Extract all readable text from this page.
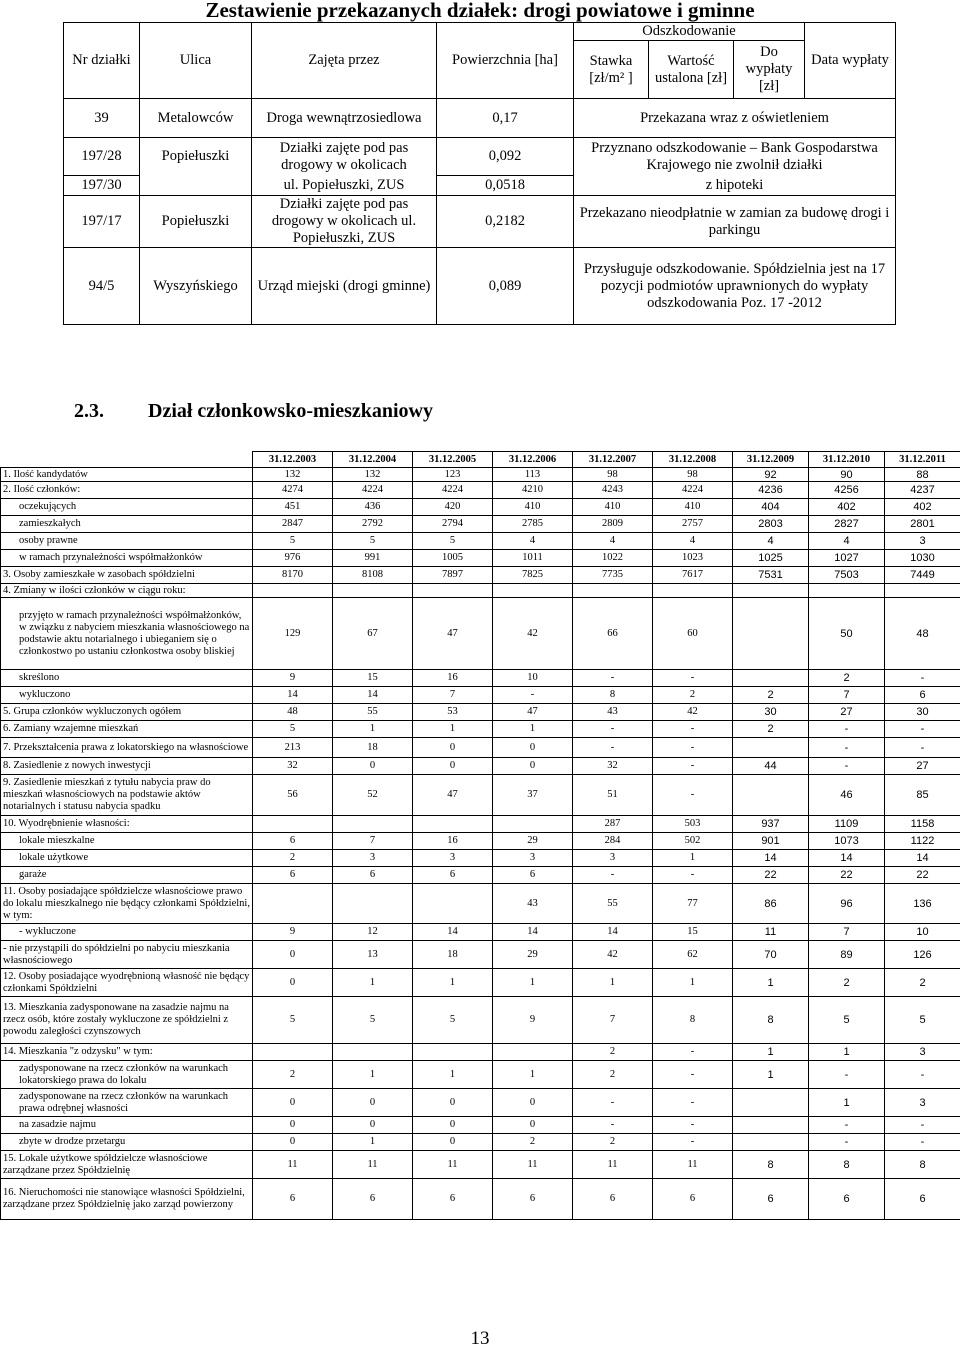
Zestawienie przekazanych działek: drogi powiatowe i gminne
Nr działki	Ulica	Zajęta przez	Powierzchnia [ha]	Odszkodowanie			Data wypłaty
				Stawka [zł/m² ]	Wartość ustalona [zł]	Do wypłaty [zł]	
39	Metalowców	Droga wewnątrzosiedlowa	0,17	Przekazana wraz z oświetleniem			
197/28	Popiełuszki	Działki zajęte pod pas drogowy w okolicach	0,092	Przyznano odszkodowanie – Bank Gospodarstwa Krajowego nie zwolnił działki			
197/30		ul. Popiełuszki, ZUS	0,0518	z hipoteki			
197/17	Popiełuszki	Działki zajęte pod pas drogowy w okolicach ul. Popiełuszki, ZUS	0,2182	Przekazano nieodpłatnie w zamian za budowę drogi i parkingu			
94/5	Wyszyńskiego	Urząd miejski (drogi gminne)	0,089	Przysługuje odszkodowanie. Spółdzielnia jest na 17 pozycji podmiotów uprawnionych do wypłaty odszkodowania Poz. 17 -2012			
2.3. Dział członkowsko-mieszkaniowy
	31.12.2003	31.12.2004	31.12.2005	31.12.2006	31.12.2007	31.12.2008	31.12.2009	31.12.2010	31.12.2011
1. Ilość kandydatów	132	132	123	113	98	98	92	90	88
2. Ilość członków:	4274	4224	4224	4210	4243	4224	4236	4256	4237
oczekujących	451	436	420	410	410	410	404	402	402
zamieszkałych	2847	2792	2794	2785	2809	2757	2803	2827	2801
osoby prawne	5	5	5	4	4	4	4	4	3
w ramach przynależności współmałżonków	976	991	1005	1011	1022	1023	1025	1027	1030
3. Osoby zamieszkałe w zasobach spółdzielni	8170	8108	7897	7825	7735	7617	7531	7503	7449
4. Zmiany w ilości członków w ciągu roku:									
przyjęto w ramach przynależności współmałżonków, w związku z nabyciem mieszkania własnościowego na podstawie aktu notarialnego i ubieganiem się o członkostwo po ustaniu członkostwa osoby bliskiej	129	67	47	42	66	60		50	48
skreślono	9	15	16	10	-	-		2	-
wykluczono	14	14	7	-	8	2	2	7	6
5. Grupa członków wykluczonych ogółem	48	55	53	47	43	42	30	27	30
6. Zamiany wzajemne mieszkań	5	1	1	1	-	-	2	-	-
7. Przekształcenia prawa z lokatorskiego na własnościowe	213	18	0	0	-	-		-	-
8. Zasiedlenie z nowych inwestycji	32	0	0	0	32	-	44	-	27
9. Zasiedlenie mieszkań z tytułu nabycia praw do mieszkań własnościowych na podstawie aktów notarialnych i statusu nabycia spadku	56	52	47	37	51	-		46	85
10. Wyodrębnienie własności:					287	503	937	1109	1158
lokale mieszkalne	6	7	16	29	284	502	901	1073	1122
lokale użytkowe	2	3	3	3	3	1	14	14	14
garaże	6	6	6	6	-	-	22	22	22
11. Osoby posiadające spółdzielcze własnościowe prawo do lokalu mieszkalnego nie będący członkami Spółdzielni, w tym:				43	55	77	86	96	136
- wykluczone	9	12	14	14	14	15	11	7	10
- nie przystąpili do spółdzielni po nabyciu mieszkania własnościowego	0	13	18	29	42	62	70	89	126
12. Osoby posiadające wyodrębnioną własność nie będący członkami Spółdzielni	0	1	1	1	1	1	1	2	2
13. Mieszkania zadysponowane na zasadzie najmu na rzecz osób, które zostały wykluczone ze spółdzielni z powodu zaległości czynszowych	5	5	5	9	7	8	8	5	5
14. Mieszkania "z odzysku" w tym:					2	-	1	1	3
zadysponowane na rzecz członków na warunkach lokatorskiego prawa do lokalu	2	1	1	1	2	-	1	-	-
zadysponowane na rzecz członków na warunkach prawa odrębnej własności	0	0	0	0	-	-		1	3
na zasadzie najmu	0	0	0	0	-	-		-	-
zbyte w drodze przetargu	0	1	0	2	2	-		-	-
15. Lokale użytkowe spółdzielcze własnościowe zarządzane przez Spółdzielnię	11	11	11	11	11	11	8	8	8
16. Nieruchomości nie stanowiące własności Spółdzielni, zarządzane przez Spółdzielnię jako zarząd powierzony	6	6	6	6	6	6	6	6	6
13
